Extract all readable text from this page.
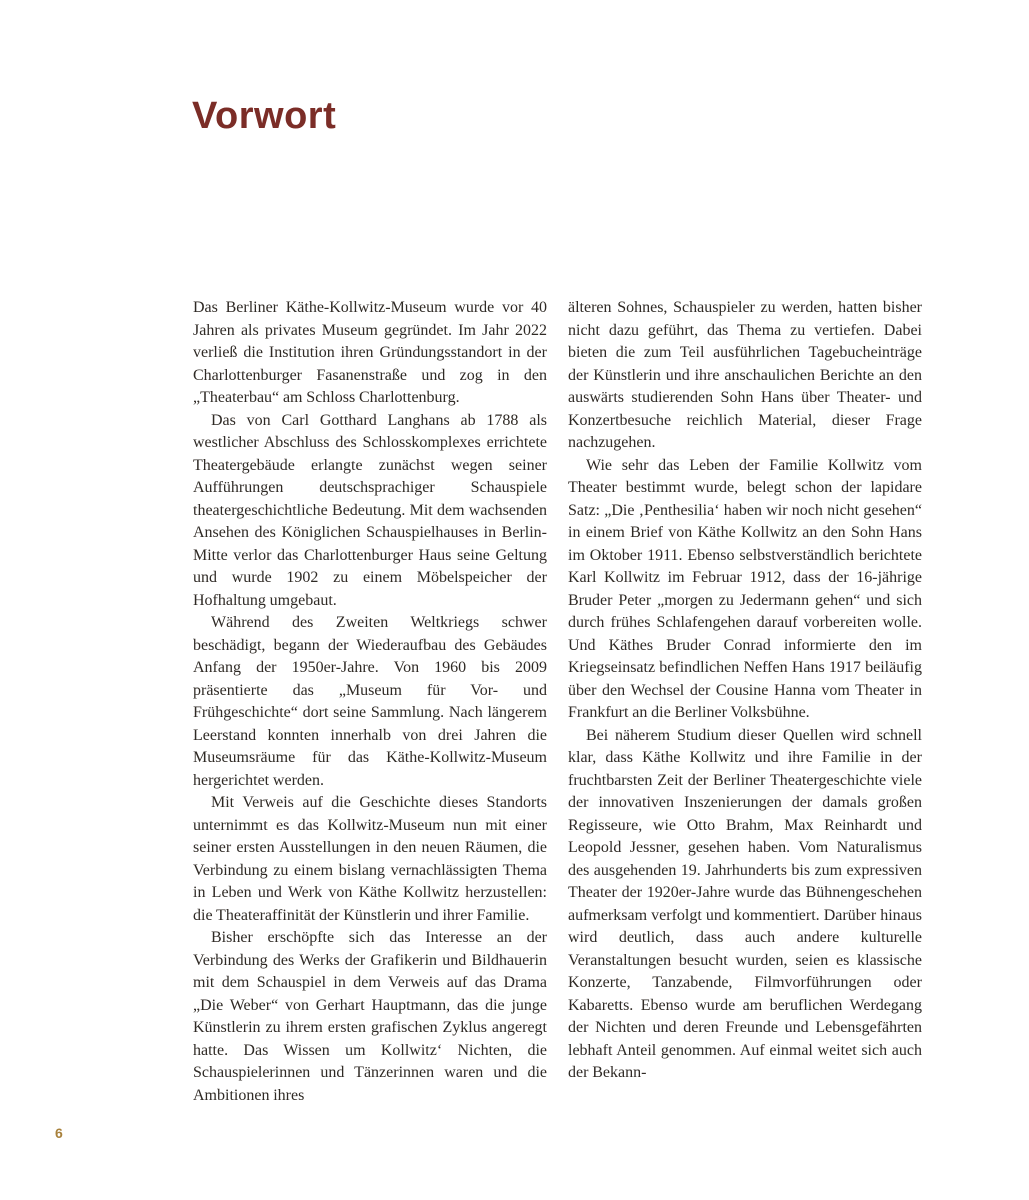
Vorwort

Das Berliner Käthe-Kollwitz-Museum wurde vor 40 Jahren als privates Museum gegründet. Im Jahr 2022 verließ die Institution ihren Gründungsstandort in der Charlottenburger Fasanenstraße und zog in den „Theaterbau“ am Schloss Charlottenburg.

Das von Carl Gotthard Langhans ab 1788 als westlicher Abschluss des Schlosskomplexes errichtete Theatergebäude erlangte zunächst wegen seiner Aufführungen deutschsprachiger Schauspiele theatergeschichtliche Bedeutung. Mit dem wachsenden Ansehen des Königlichen Schauspielhauses in Berlin-Mitte verlor das Charlottenburger Haus seine Geltung und wurde 1902 zu einem Möbelspeicher der Hofhaltung umgebaut.

Während des Zweiten Weltkriegs schwer beschädigt, begann der Wiederaufbau des Gebäudes Anfang der 1950er-Jahre. Von 1960 bis 2009 präsentierte das „Museum für Vor- und Frühgeschichte“ dort seine Sammlung. Nach längerem Leerstand konnten innerhalb von drei Jahren die Museumsräume für das Käthe-Kollwitz-Museum hergerichtet werden.

Mit Verweis auf die Geschichte dieses Standorts unternimmt es das Kollwitz-Museum nun mit einer seiner ersten Ausstellungen in den neuen Räumen, die Verbindung zu einem bislang vernachlässigten Thema in Leben und Werk von Käthe Kollwitz herzustellen: die Theateraffinität der Künstlerin und ihrer Familie.

Bisher erschöpfte sich das Interesse an der Verbindung des Werks der Grafikerin und Bildhauerin mit dem Schauspiel in dem Verweis auf das Drama „Die Weber“ von Gerhart Hauptmann, das die junge Künstlerin zu ihrem ersten grafischen Zyklus angeregt hatte. Das Wissen um Kollwitz‘ Nichten, die Schauspielerinnen und Tänzerinnen waren und die Ambitionen ihres

älteren Sohnes, Schauspieler zu werden, hatten bisher nicht dazu geführt, das Thema zu vertiefen. Dabei bieten die zum Teil ausführlichen Tagebucheinträge der Künstlerin und ihre anschaulichen Berichte an den auswärts studierenden Sohn Hans über Theater- und Konzertbesuche reichlich Material, dieser Frage nachzugehen.

Wie sehr das Leben der Familie Kollwitz vom Theater bestimmt wurde, belegt schon der lapidare Satz: „Die ‚Penthesilia‘ haben wir noch nicht gesehen“ in einem Brief von Käthe Kollwitz an den Sohn Hans im Oktober 1911. Ebenso selbstverständlich berichtete Karl Kollwitz im Februar 1912, dass der 16-jährige Bruder Peter „morgen zu Jedermann gehen“ und sich durch frühes Schlafengehen darauf vorbereiten wolle. Und Käthes Bruder Conrad informierte den im Kriegseinsatz befindlichen Neffen Hans 1917 beiläufig über den Wechsel der Cousine Hanna vom Theater in Frankfurt an die Berliner Volksbühne.

Bei näherem Studium dieser Quellen wird schnell klar, dass Käthe Kollwitz und ihre Familie in der fruchtbarsten Zeit der Berliner Theatergeschichte viele der innovativen Inszenierungen der damals großen Regisseure, wie Otto Brahm, Max Reinhardt und Leopold Jessner, gesehen haben. Vom Naturalismus des ausgehenden 19. Jahrhunderts bis zum expressiven Theater der 1920er-Jahre wurde das Bühnengeschehen aufmerksam verfolgt und kommentiert. Darüber hinaus wird deutlich, dass auch andere kulturelle Veranstaltungen besucht wurden, seien es klassische Konzerte, Tanzabende, Filmvorführungen oder Kabaretts. Ebenso wurde am beruflichen Werdegang der Nichten und deren Freunde und Lebensgefährten lebhaft Anteil genommen. Auf einmal weitet sich auch der Bekann-

6
